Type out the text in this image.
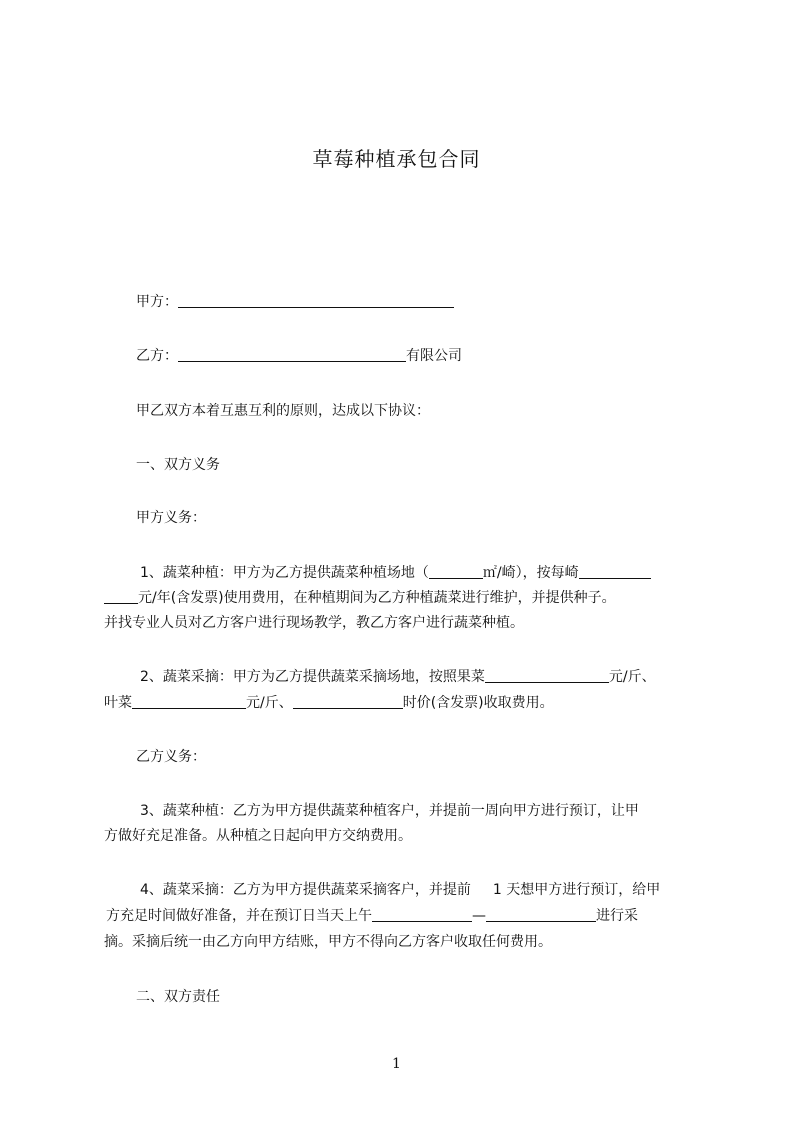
草莓种植承包合同
甲方：
乙方：	有限公司
甲乙双方本着互惠互利的原则，达成以下协议：
一、双方义务
甲方义务：
1、蔬菜种植：甲方为乙方提供蔬菜种植场地（	㎡/崎），按每崎
元/年(含发票)使用费用，在种植期间为乙方种植蔬菜进行维护，并提供种子。
并找专业人员对乙方客户进行现场教学，教乙方客户进行蔬菜种植。
2、蔬菜采摘：甲方为乙方提供蔬菜采摘场地，按照果菜	元/斤、
叶菜	元/斤、	时价(含发票)收取费用。
乙方义务：
3、蔬菜种植：乙方为甲方提供蔬菜种植客户，并提前一周向甲方进行预订，让甲
方做好充足准备。从种植之日起向甲方交纳费用。
4、蔬菜采摘：乙方为甲方提供蔬菜采摘客户，并提前 1 天想甲方进行预订，给甲
方充足时间做好准备，并在预订日当天上午	—	进行采
摘。采摘后统一由乙方向甲方结账，甲方不得向乙方客户收取任何费用。
二、双方责任
1
